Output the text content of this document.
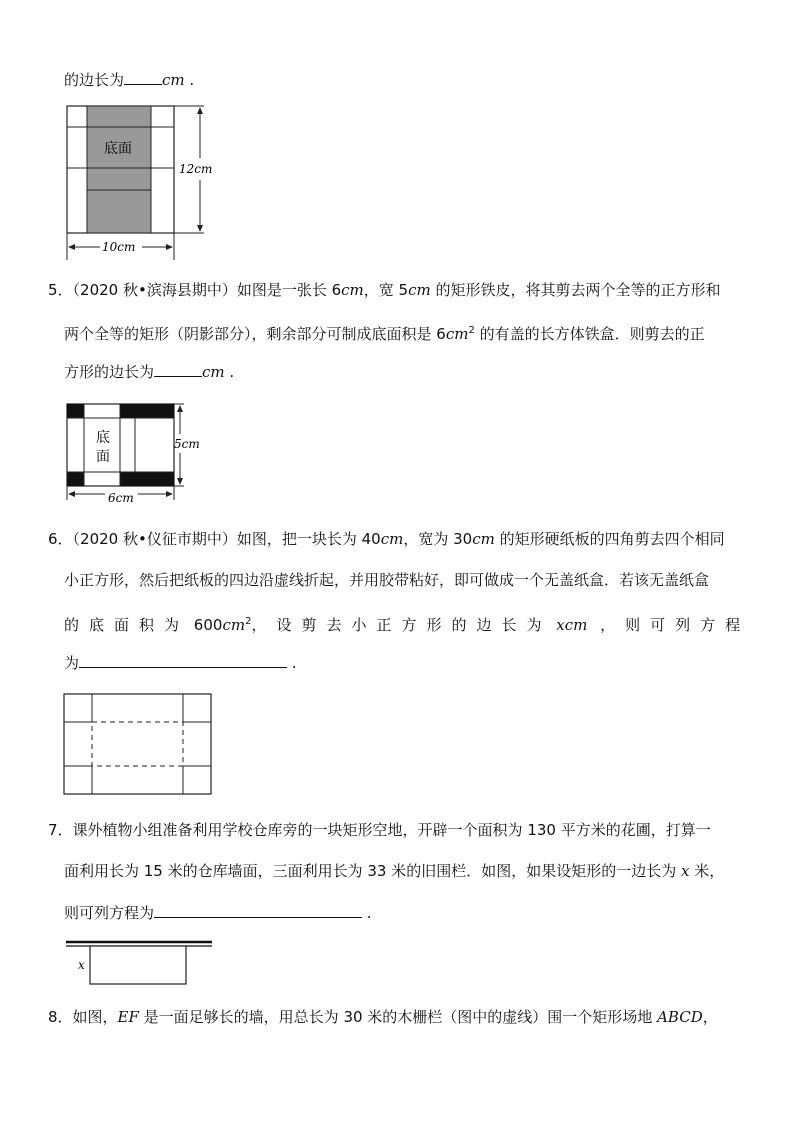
的边长为	cm .
底面
12cm
10cm
5．（2020 秋•滨海县期中）如图是一张长 6cm，宽 5cm 的矩形铁皮，将其剪去两个全等的正方形和
两个全等的矩形（阴影部分），剩余部分可制成底面积是 $6cm^2$ 的有盖的长方体铁盒．则剪去的正
方形的边长为	cm .
底
面
5cm
6cm
6．（2020 秋•仪征市期中）如图，把一块长为 40cm，宽为 30cm 的矩形硬纸板的四角剪去四个相同
小正方形，然后把纸板的四边沿虚线折起，并用胶带粘好，即可做成一个无盖纸盒．若该无盖纸盒
的底面积为 $600cm^2$，设剪去小正方形的边长为 xcm ，则可列方程
为	.
7．课外植物小组准备利用学校仓库旁的一块矩形空地，开辟一个面积为 130 平方米的花圃，打算一
面利用长为 15 米的仓库墙面，三面利用长为 33 米的旧围栏．如图，如果设矩形的一边长为 x 米，
则可列方程为	.
x
8．如图，EF 是一面足够长的墙，用总长为 30 米的木栅栏（图中的虚线）围一个矩形场地 ABCD，
